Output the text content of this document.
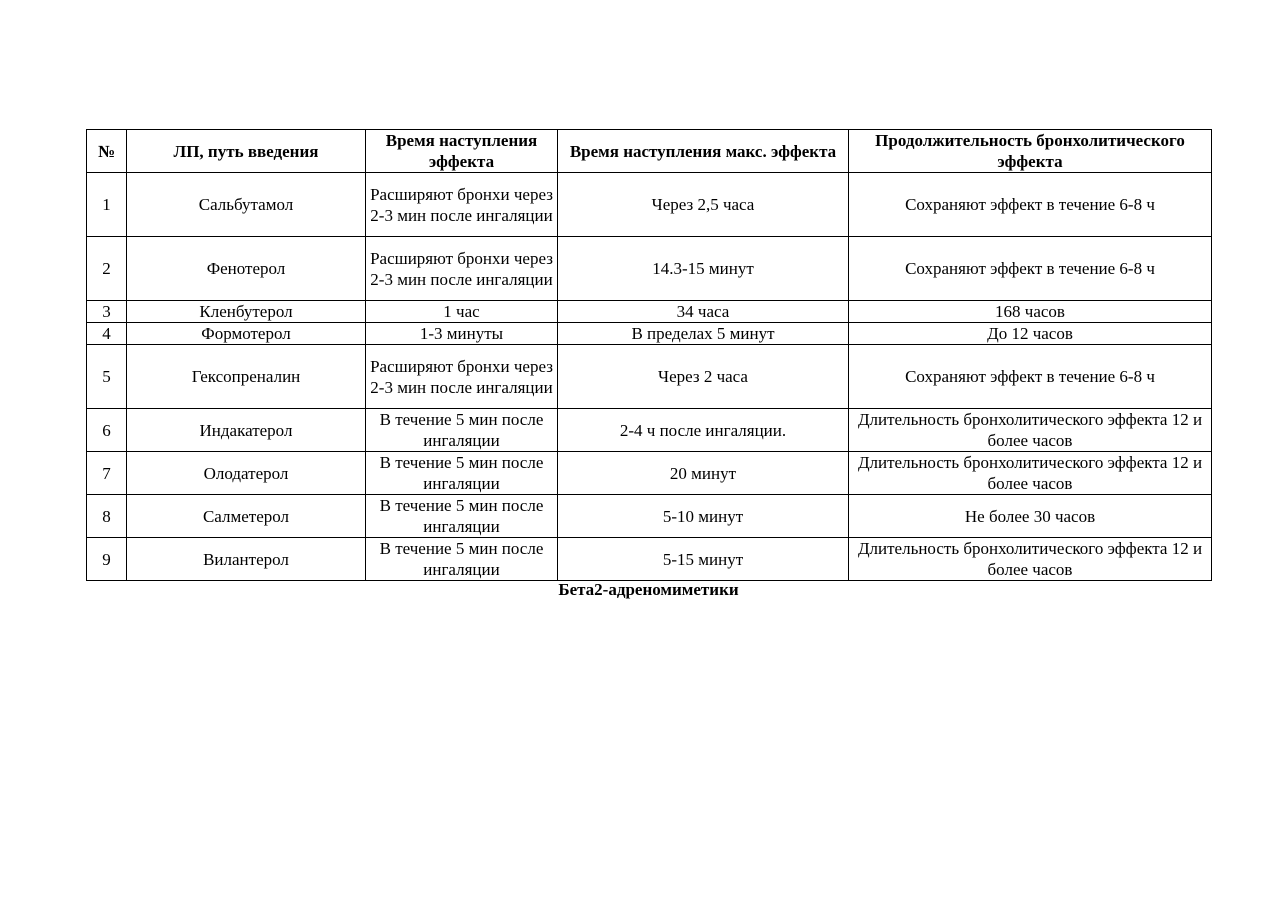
№	ЛП, путь введения	Время наступления эффекта	Время наступления макс. эффекта	Продолжительность бронхолитического эффекта
1	Сальбутамол	Расширяют бронхи через 2-3 мин после ингаляции	Через 2,5 часа	Сохраняют эффект в течение 6-8 ч
2	Фенотерол	Расширяют бронхи через 2-3 мин после ингаляции	14.3-15 минут	Сохраняют эффект в течение 6-8 ч
3	Кленбутерол	1 час	34 часа	168 часов
4	Формотерол	1-3 минуты	В пределах 5 минут	До 12 часов
5	Гексопреналин	Расширяют бронхи через 2-3 мин после ингаляции	Через 2 часа	Сохраняют эффект в течение 6-8 ч
6	Индакатерол	В течение 5 мин после ингаляции	2-4 ч после ингаляции.	Длительность бронхолитического эффекта 12 и более часов
7	Олодатерол	В течение 5 мин после ингаляции	20 минут	Длительность бронхолитического эффекта 12 и более часов
8	Салметерол	В течение 5 мин после ингаляции	5-10 минут	Не более 30 часов
9	Вилантерол	В течение 5 мин после ингаляции	5-15 минут	Длительность бронхолитического эффекта 12 и более часов
Бета2-адреномиметики
